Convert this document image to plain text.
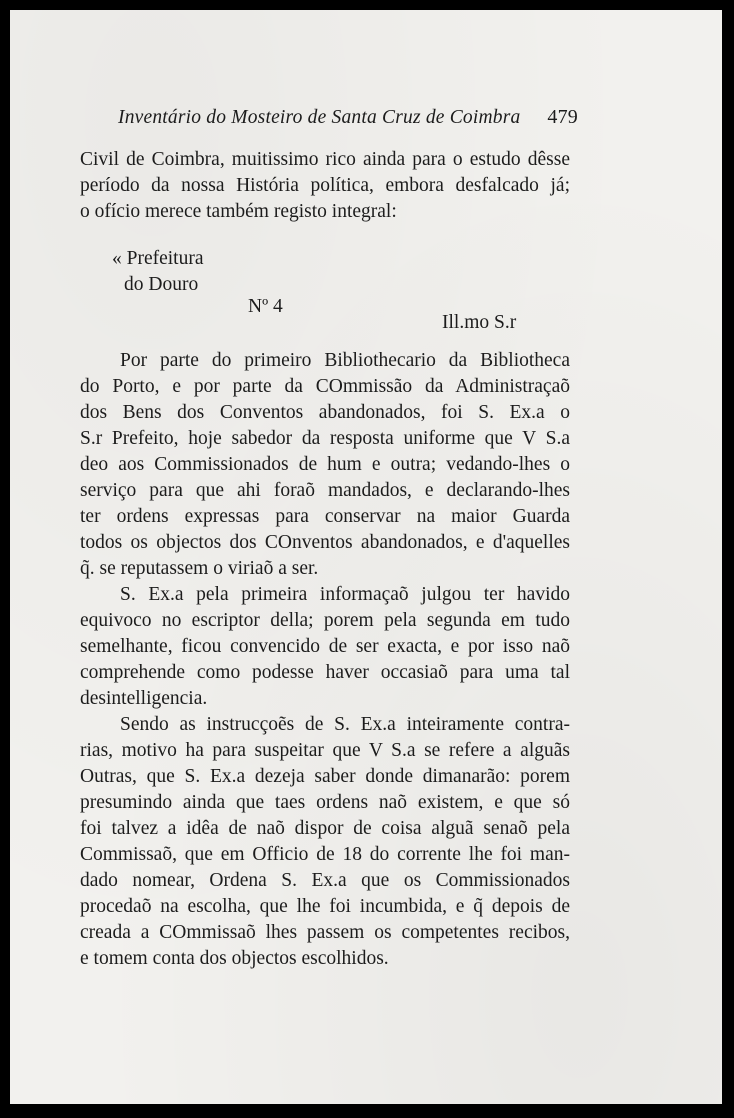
Inventário do Mosteiro de Santa Cruz de Coimbra 479
Civil de Coimbra, muitissimo rico ainda para o estudo dêsse
período da nossa História política, embora desfalcado já;
o ofício merece também registo integral:
« Prefeitura
do Douro
Nº 4
Ill.mo S.r
Por parte do primeiro Bibliothecario da Bibliotheca
do Porto, e por parte da COmmissão da Administraçaõ
dos Bens dos Conventos abandonados, foi S. Ex.a o
S.r Prefeito, hoje sabedor da resposta uniforme que V S.a
deo aos Commissionados de hum e outra; vedando-lhes o
serviço para que ahi foraõ mandados, e declarando-lhes
ter ordens expressas para conservar na maior Guarda
todos os objectos dos COnventos abandonados, e d'aquelles
q̃. se reputassem o viriaõ a ser.
S. Ex.a pela primeira informaçaõ julgou ter havido
equivoco no escriptor della; porem pela segunda em tudo
semelhante, ficou convencido de ser exacta, e por isso naõ
comprehende como podesse haver occasiaõ para uma tal
desintelligencia.
Sendo as instrucçoẽs de S. Ex.a inteiramente contra-
rias, motivo ha para suspeitar que V S.a se refere a alguãs
Outras, que S. Ex.a dezeja saber donde dimanarão: porem
presumindo ainda que taes ordens naõ existem, e que só
foi talvez a idêa de naõ dispor de coisa alguã senaõ pela
Commissaõ, que em Officio de 18 do corrente lhe foi man-
dado nomear, Ordena S. Ex.a que os Commissionados
procedaõ na escolha, que lhe foi incumbida, e q̃ depois de
creada a COmmissaõ lhes passem os competentes recibos,
e tomem conta dos objectos escolhidos.
